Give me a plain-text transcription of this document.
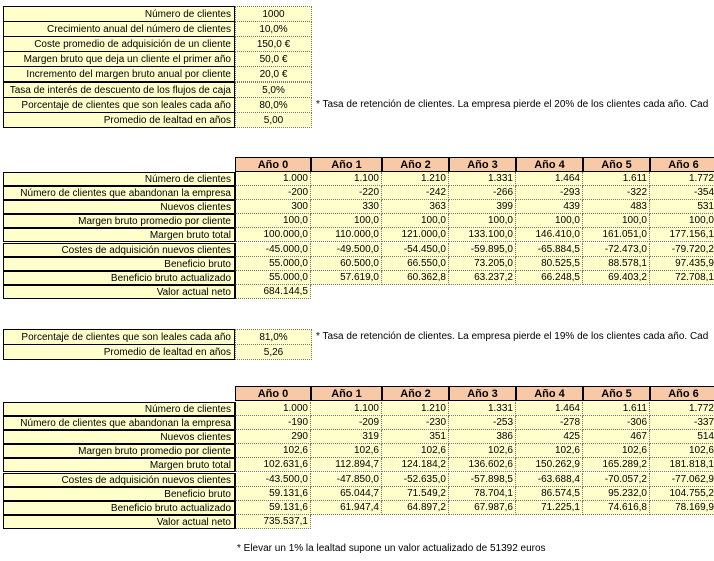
Número de clientes	1000
Crecimiento anual del número de clientes	10,0%
Coste promedio de adquisición de un cliente	150,0 €
Margen bruto que deja un cliente el primer año	50,0 €
Incremento del margen bruto anual por cliente	20,0 €
Tasa de interés de descuento de los flujos de caja	5,0%
Porcentaje de clientes que son leales cada año	80,0%
Promedio de lealtad en años	5,00
* Tasa de retención de clientes. La empresa pierde el 20% de los clientes cada año. Cad
Año 0	Año 1	Año 2	Año 3	Año 4	Año 5	Año 6
Número de clientes	1.000	1.100	1.210	1.331	1.464	1.611	1.772
Número de clientes que abandonan la empresa	-200	-220	-242	-266	-293	-322	-354
Nuevos clientes	300	330	363	399	439	483	531
Margen bruto promedio por cliente	100,0	100,0	100,0	100,0	100,0	100,0	100,0
Margen bruto total	100.000,0	110.000,0	121.000,0	133.100,0	146.410,0	161.051,0	177.156,1
Costes de adquisición nuevos clientes	-45.000,0	-49.500,0	-54.450,0	-59.895,0	-65.884,5	-72.473,0	-79.720,2
Beneficio bruto	55.000,0	60.500,0	66.550,0	73.205,0	80.525,5	88.578,1	97.435,9
Beneficio bruto actualizado	55.000,0	57.619,0	60.362,8	63.237,2	66.248,5	69.403,2	72.708,1
Valor actual neto	684.144,5
Porcentaje de clientes que son leales cada año	81,0%
Promedio de lealtad en años	5,26
* Tasa de retención de clientes. La empresa pierde el 19% de los clientes cada año. Cad
Año 0	Año 1	Año 2	Año 3	Año 4	Año 5	Año 6
Número de clientes	1.000	1.100	1.210	1.331	1.464	1.611	1.772
Número de clientes que abandonan la empresa	-190	-209	-230	-253	-278	-306	-337
Nuevos clientes	290	319	351	386	425	467	514
Margen bruto promedio por cliente	102,6	102,6	102,6	102,6	102,6	102,6	102,6
Margen bruto total	102.631,6	112.894,7	124.184,2	136.602,6	150.262,9	165.289,2	181.818,1
Costes de adquisición nuevos clientes	-43.500,0	-47.850,0	-52.635,0	-57.898,5	-63.688,4	-70.057,2	-77.062,9
Beneficio bruto	59.131,6	65.044,7	71.549,2	78.704,1	86.574,5	95.232,0	104.755,2
Beneficio bruto actualizado	59.131,6	61.947,4	64.897,2	67.987,6	71.225,1	74.616,8	78.169,9
Valor actual neto	735.537,1
* Elevar un 1% la lealtad supone un valor actualizado de 51392 euros
